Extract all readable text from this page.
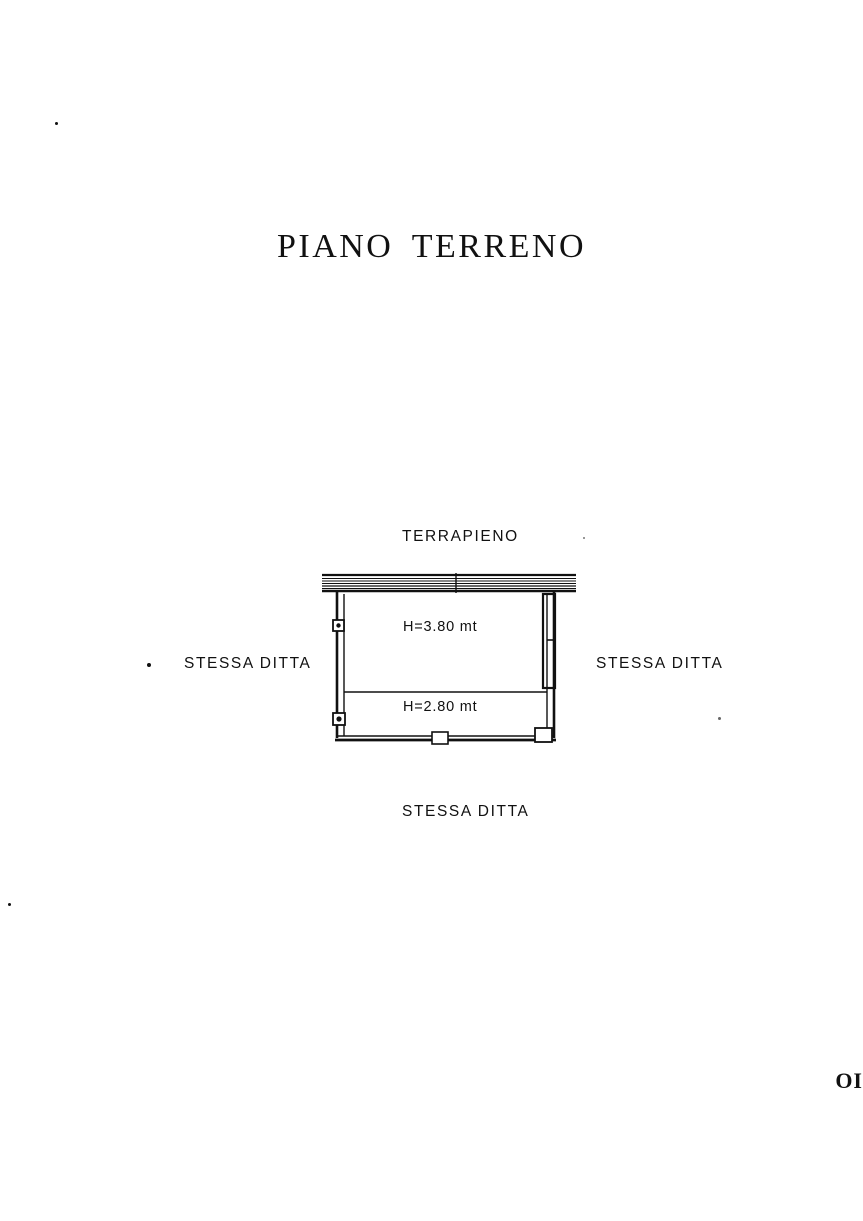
PIANO TERRENO
TERRAPIENO
STESSA DITTA	STESSA DITTA
STESSA DITTA
H=3.80 mt
H=2.80 mt
OI
